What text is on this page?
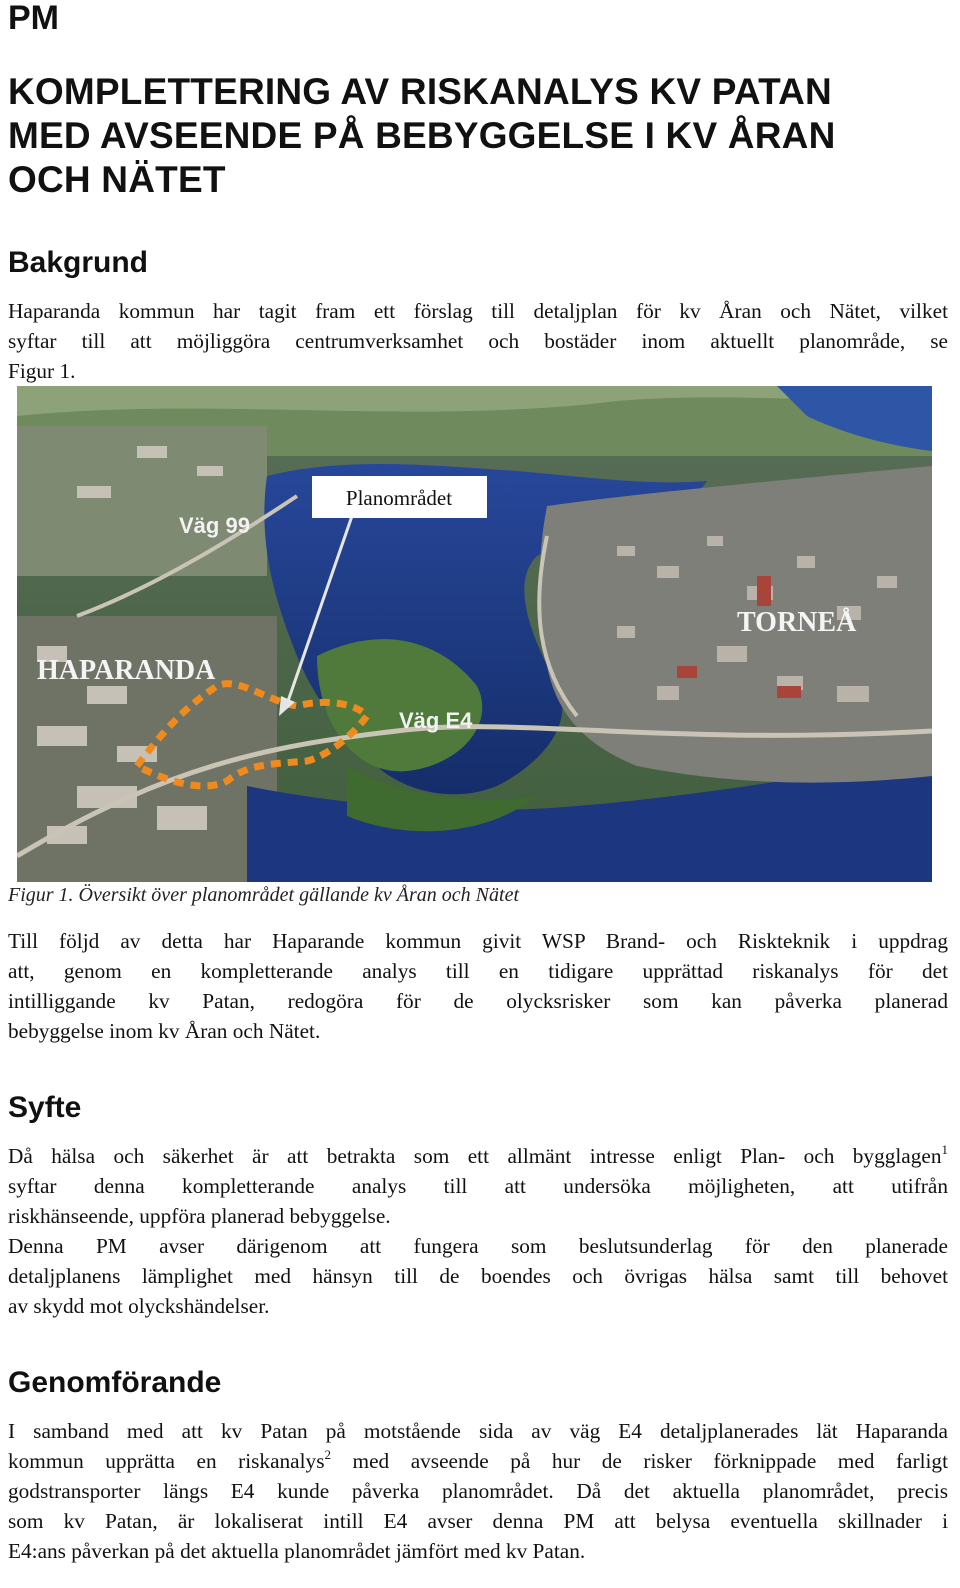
PM
KOMPLETTERING AV RISKANALYS KV PATAN
MED AVSEENDE PÅ BEBYGGELSE I KV ÅRAN
OCH NÄTET
Bakgrund

Haparanda kommun har tagit fram ett förslag till detaljplan för kv Åran och Nätet, vilket
syftar till att möjliggöra centrumverksamhet och bostäder inom aktuellt planområde, se
Figur 1.

Planområdet
Väg 99
HAPARANDA
TORNEÅ
Väg E4
Figur 1. Översikt över planområdet gällande kv Åran och Nätet

Till följd av detta har Haparande kommun givit WSP Brand- och Riskteknik i uppdrag
att, genom en kompletterande analys till en tidigare upprättad riskanalys för det
intilliggande kv Patan, redogöra för de olycksrisker som kan påverka planerad
bebyggelse inom kv Åran och Nätet.

Syfte

Då hälsa och säkerhet är att betrakta som ett allmänt intresse enligt Plan- och bygglagen$^1$
syftar denna kompletterande analys till att undersöka möjligheten, att utifrån
riskhänseende, uppföra planerad bebyggelse.

Denna PM avser därigenom att fungera som beslutsunderlag för den planerade
detaljplanens lämplighet med hänsyn till de boendes och övrigas hälsa samt till behovet
av skydd mot olyckshändelser.

Genomförande

I samband med att kv Patan på motstående sida av väg E4 detaljplanerades lät Haparanda
kommun upprätta en riskanalys$^2$ med avseende på hur de risker förknippade med farligt
godstransporter längs E4 kunde påverka planområdet. Då det aktuella planområdet, precis
som kv Patan, är lokaliserat intill E4 avser denna PM att belysa eventuella skillnader i
E4:ans påverkan på det aktuella planområdet jämfört med kv Patan.
